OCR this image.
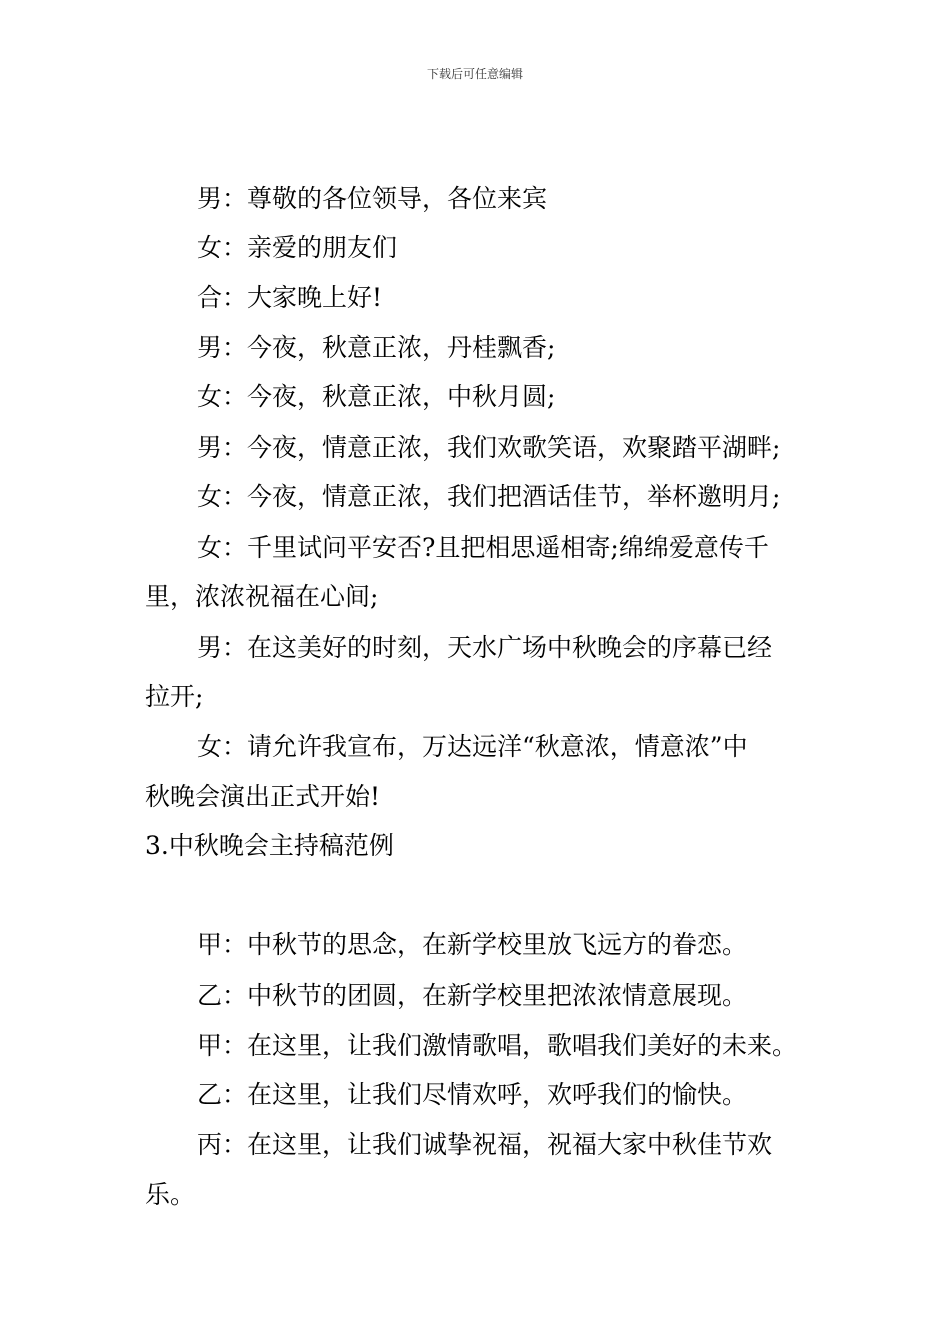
下载后可任意编辑
男：尊敬的各位领导，各位来宾
女：亲爱的朋友们
合：大家晚上好!
男：今夜，秋意正浓，丹桂飘香;
女：今夜，秋意正浓，中秋月圆;
男：今夜，情意正浓，我们欢歌笑语，欢聚踏平湖畔;
女：今夜，情意正浓，我们把酒话佳节，举杯邀明月;
女：千里试问平安否?且把相思遥相寄;绵绵爱意传千
里，浓浓祝福在心间;
男：在这美好的时刻，天水广场中秋晚会的序幕已经
拉开;
女：请允许我宣布，万达远洋“秋意浓，情意浓”中
秋晚会演出正式开始!
3.中秋晚会主持稿范例
甲：中秋节的思念，在新学校里放飞远方的眷恋。
乙：中秋节的团圆，在新学校里把浓浓情意展现。
甲：在这里，让我们激情歌唱，歌唱我们美好的未来。
乙：在这里，让我们尽情欢呼，欢呼我们的愉快。
丙：在这里，让我们诚挚祝福，祝福大家中秋佳节欢
乐。
